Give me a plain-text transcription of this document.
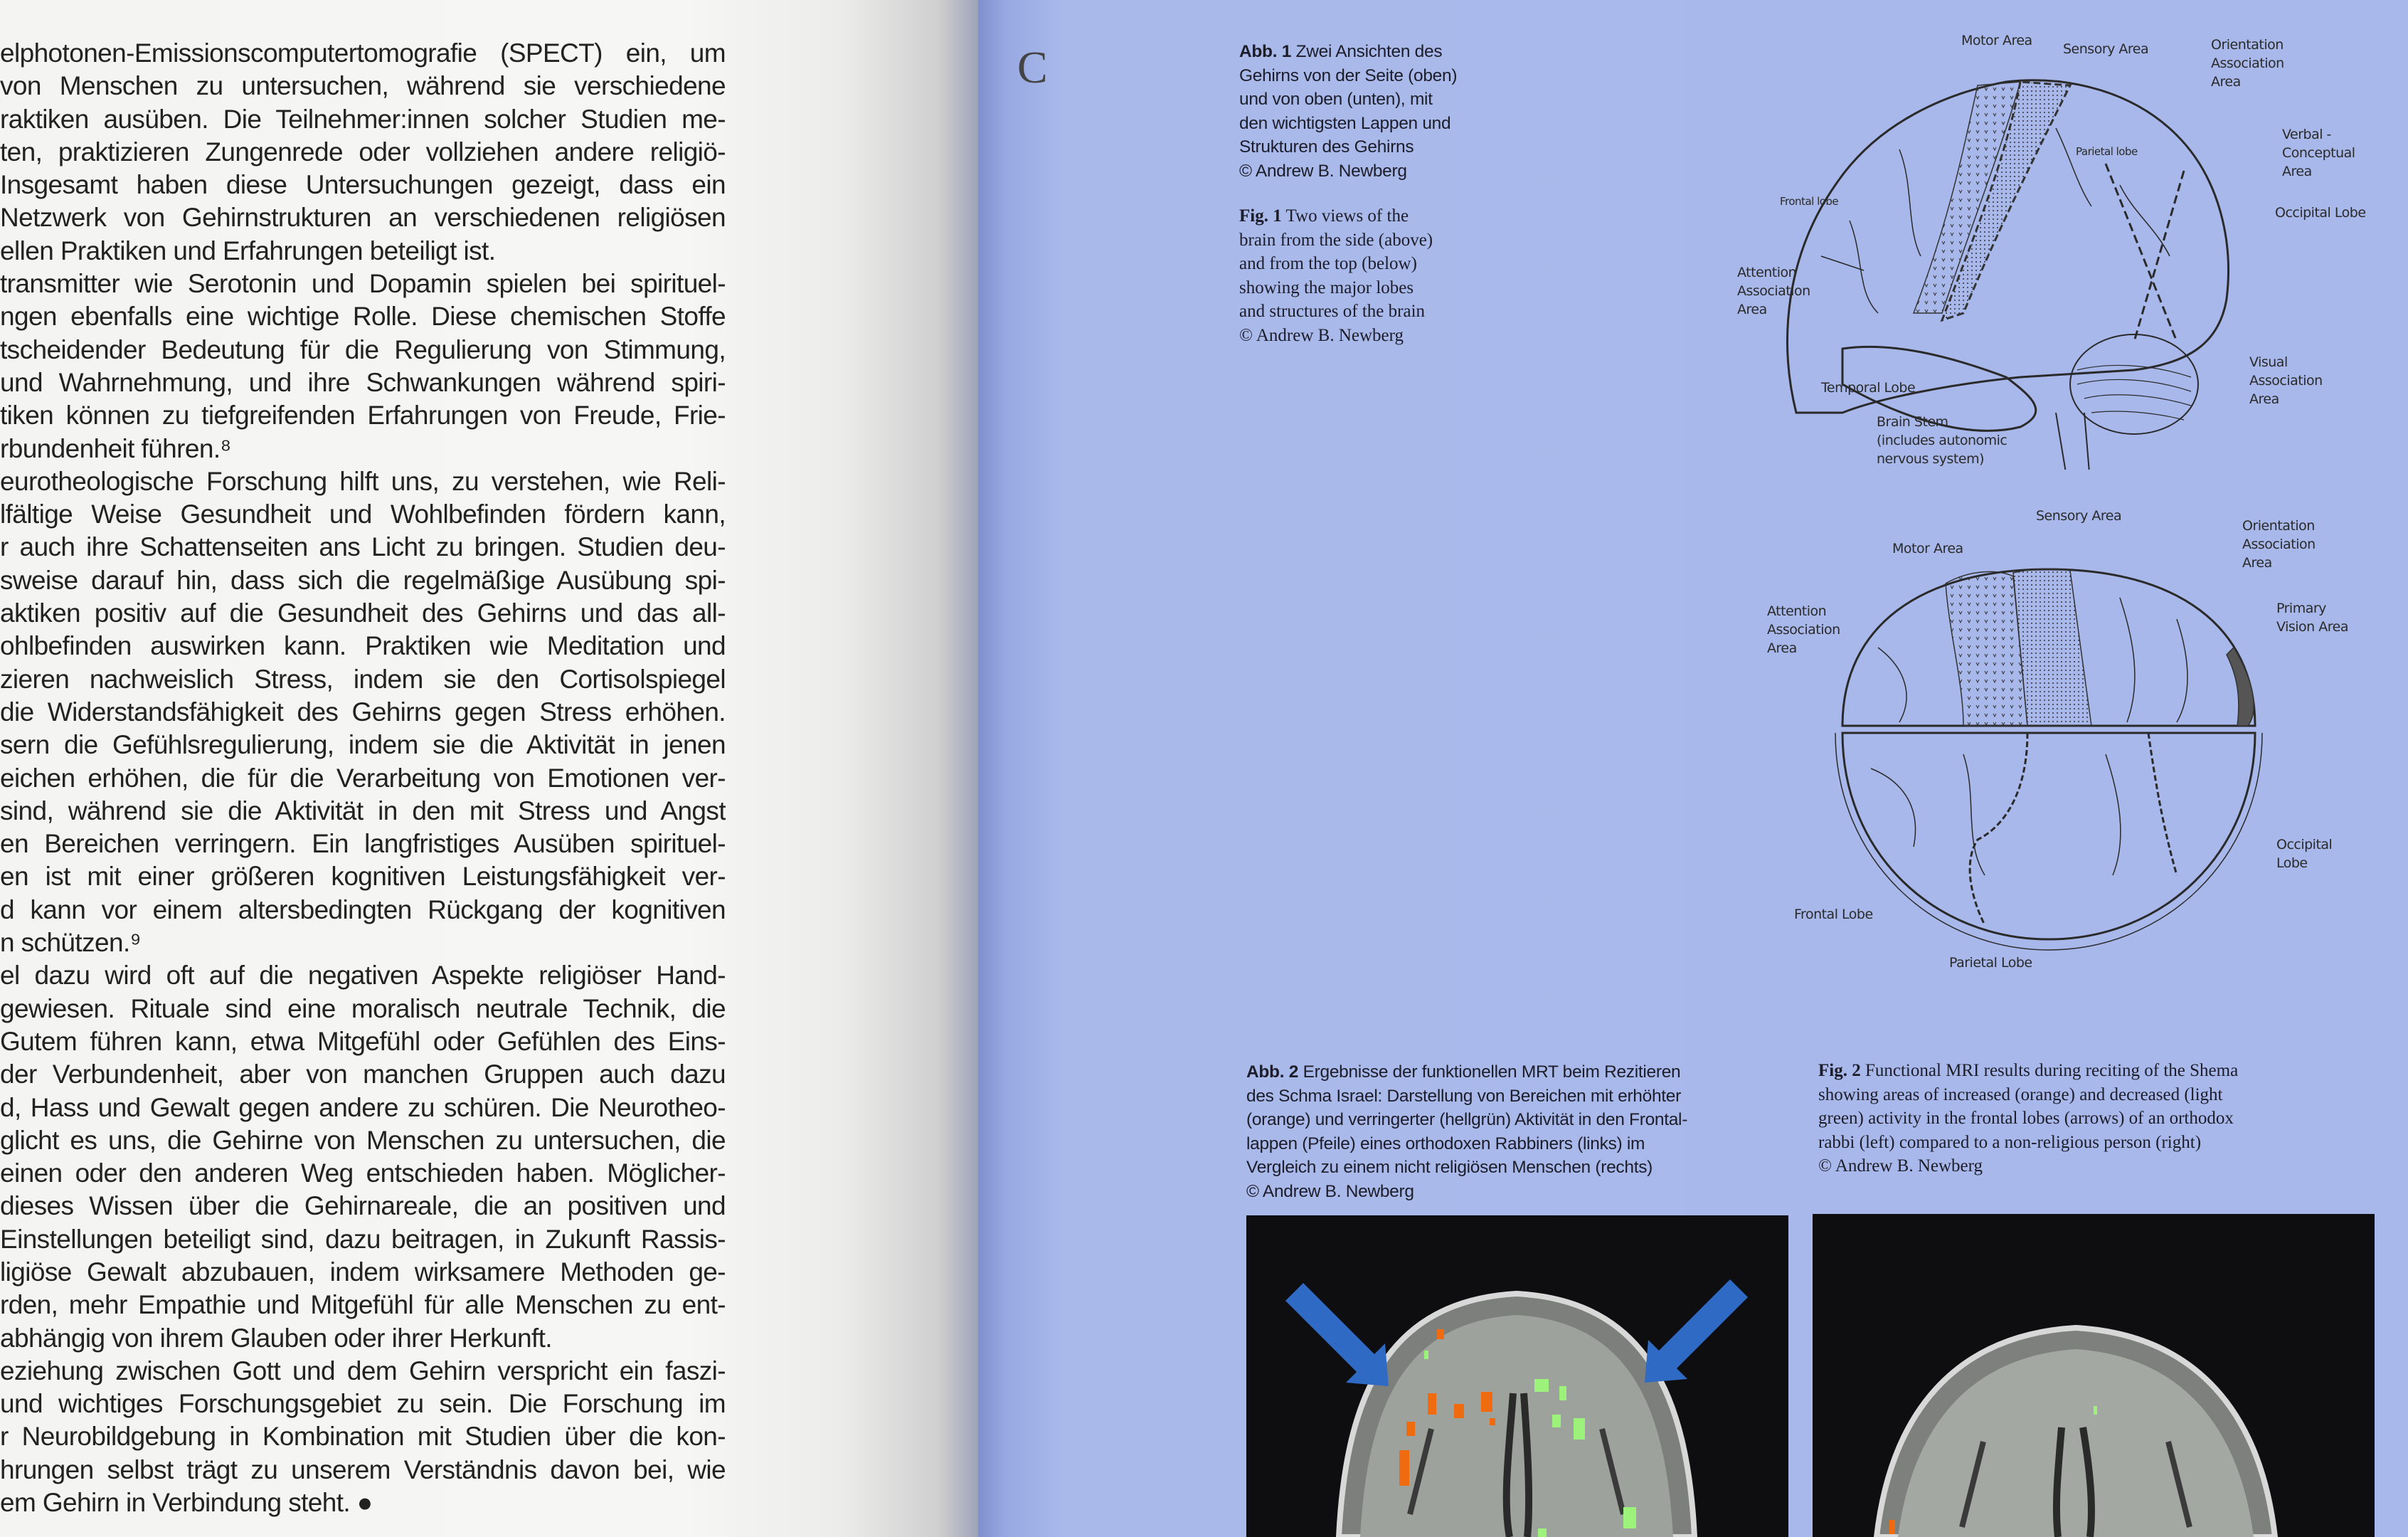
elphotonen-Emissionscomputertomografie (SPECT) ein, um
von Menschen zu untersuchen, während sie verschiedene
raktiken ausüben. Die Teilnehmer:innen solcher Studien me-
ten, praktizieren Zungenrede oder vollziehen andere religiö-
Insgesamt haben diese Untersuchungen gezeigt, dass ein
Netzwerk von Gehirnstrukturen an verschiedenen religiösen
ellen Praktiken und Erfahrungen beteiligt ist.
transmitter wie Serotonin und Dopamin spielen bei spirituel-
ngen ebenfalls eine wichtige Rolle. Diese chemischen Stoffe
tscheidender Bedeutung für die Regulierung von Stimmung,
und Wahrnehmung, und ihre Schwankungen während spiri-
tiken können zu tiefgreifenden Erfahrungen von Freude, Frie-
rbundenheit führen.⁸
eurotheologische Forschung hilft uns, zu verstehen, wie Reli-
lfältige Weise Gesundheit und Wohlbefinden fördern kann,
r auch ihre Schattenseiten ans Licht zu bringen. Studien deu-
sweise darauf hin, dass sich die regelmäßige Ausübung spi-
aktiken positiv auf die Gesundheit des Gehirns und das all-
ohlbefinden auswirken kann. Praktiken wie Meditation und
zieren nachweislich Stress, indem sie den Cortisolspiegel
die Widerstandsfähigkeit des Gehirns gegen Stress erhöhen.
sern die Gefühlsregulierung, indem sie die Aktivität in jenen
eichen erhöhen, die für die Verarbeitung von Emotionen ver-
sind, während sie die Aktivität in den mit Stress und Angst
en Bereichen verringern. Ein langfristiges Ausüben spirituel-
en ist mit einer größeren kognitiven Leistungsfähigkeit ver-
d kann vor einem altersbedingten Rückgang der kognitiven
n schützen.⁹
el dazu wird oft auf die negativen Aspekte religiöser Hand-
gewiesen. Rituale sind eine moralisch neutrale Technik, die
Gutem führen kann, etwa Mitgefühl oder Gefühlen des Eins-
der Verbundenheit, aber von manchen Gruppen auch dazu
d, Hass und Gewalt gegen andere zu schüren. Die Neurotheo-
glicht es uns, die Gehirne von Menschen zu untersuchen, die
einen oder den anderen Weg entschieden haben. Möglicher-
dieses Wissen über die Gehirnareale, die an positiven und
Einstellungen beteiligt sind, dazu beitragen, in Zukunft Rassis-
ligiöse Gewalt abzubauen, indem wirksamere Methoden ge-
rden, mehr Empathie und Mitgefühl für alle Menschen zu ent-
abhängig von ihrem Glauben oder ihrer Herkunft.
eziehung zwischen Gott und dem Gehirn verspricht ein faszi-
und wichtiges Forschungsgebiet zu sein. Die Forschung im
r Neurobildgebung in Kombination mit Studien über die kon-
hrungen selbst trägt zu unserem Verständnis davon bei, wie
em Gehirn in Verbindung steht. ●
C	Abb. 1 Zwei Ansichten des
Gehirns von der Seite (oben)
und von oben (unten), mit
den wichtigsten Lappen und
Strukturen des Gehirns
© Andrew B. Newberg
Fig. 1 Two views of the
brain from the side (above)
and from the top (below)
showing the major lobes
and structures of the brain
© Andrew B. Newberg
Motor Area
Sensory Area	Orientation
Association
Area
Verbal -
Conceptual
Area
Occipital Lobe
Parietal lobe
Frontal lobe
Attention
Association
Area
Visual
Association
Area
Temporal Lobe
Brain Stem
(includes autonomic
nervous system)
Sensory Area
Motor Area
Orientation
Association
Area
Attention
Association
Area
Primary
Vision Area
Occipital
Lobe
Frontal Lobe
Parietal Lobe
Abb. 2 Ergebnisse der funktionellen MRT beim Rezitieren
des Schma Israel: Darstellung von Bereichen mit erhöhter
(orange) und verringerter (hellgrün) Aktivität in den Frontal-
lappen (Pfeile) eines orthodoxen Rabbiners (links) im
Vergleich zu einem nicht religiösen Menschen (rechts)
© Andrew B. Newberg
Fig. 2 Functional MRI results during reciting of the Shema
showing areas of increased (orange) and decreased (light
green) activity in the frontal lobes (arrows) of an orthodox
rabbi (left) compared to a non-religious person (right)
© Andrew B. Newberg
